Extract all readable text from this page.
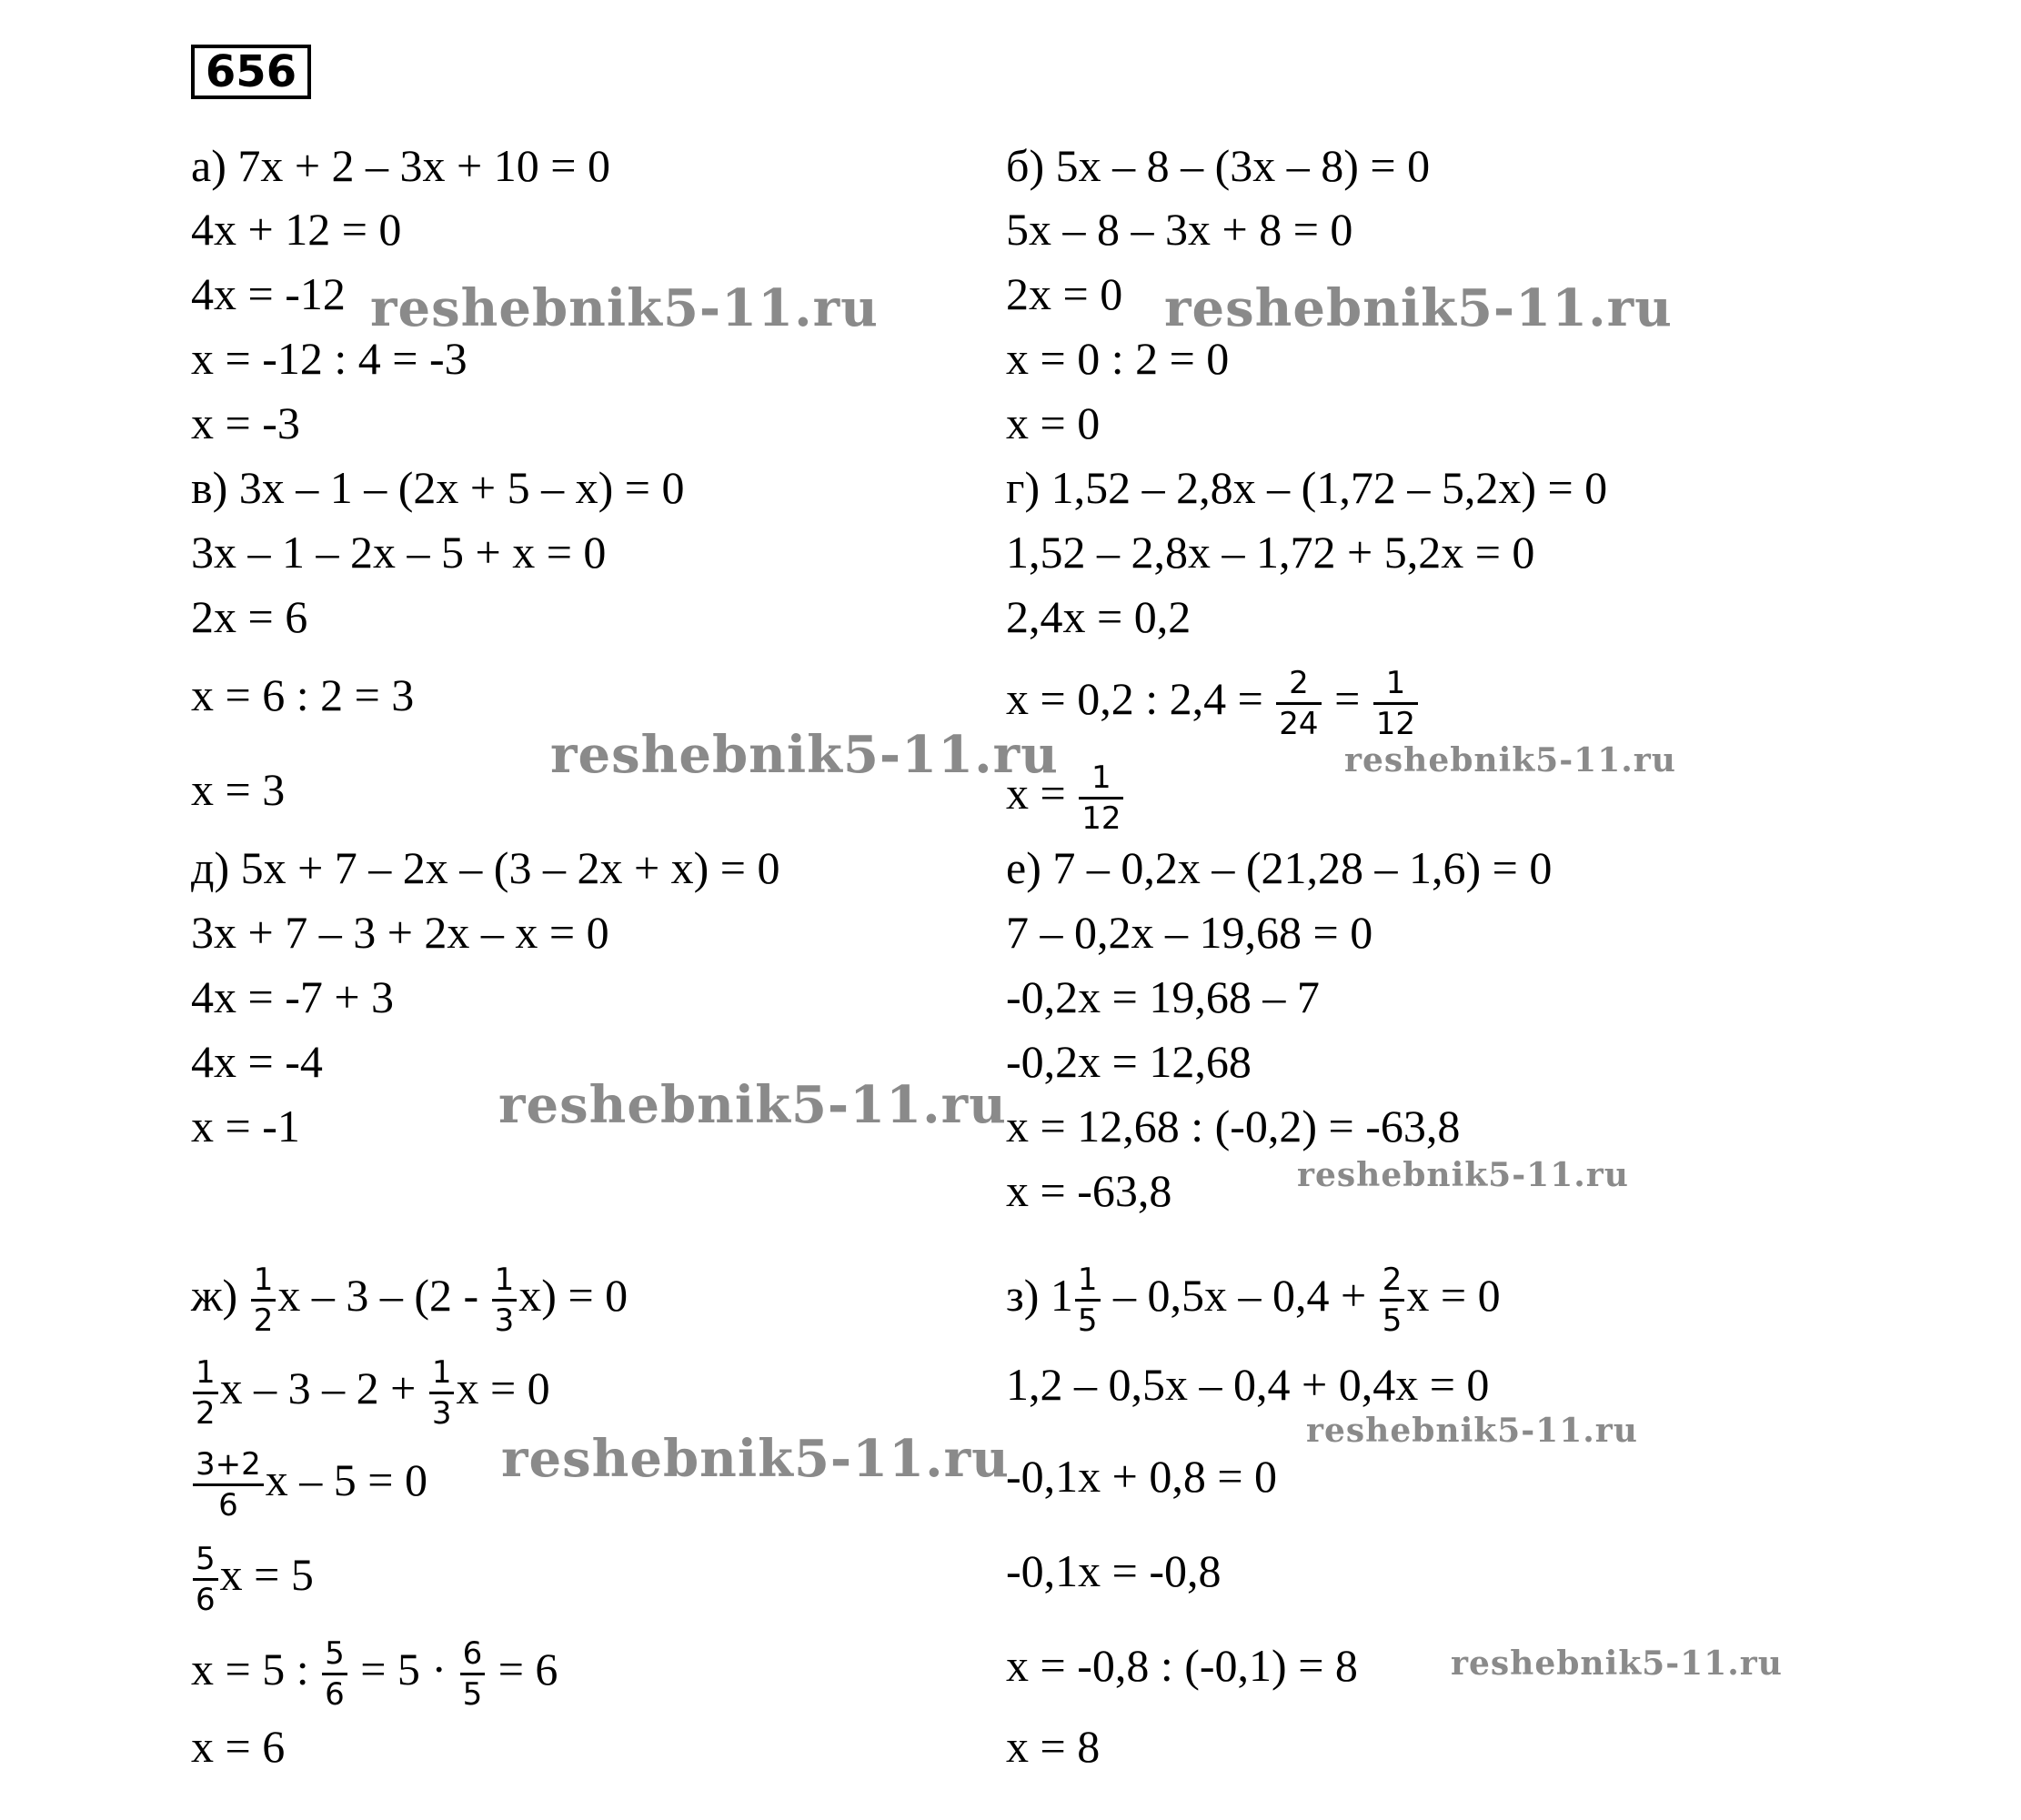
656
а) 7x + 2 – 3x + 10 = 0
4x + 12 = 0
4x = -12
x = -12 : 4 = -3
x = -3
в) 3x – 1 – (2x + 5 – x) = 0
3x – 1 – 2x – 5 + x = 0
2x = 6
x = 6 : 2 = 3
x = 3
д) 5x + 7 – 2x – (3 – 2x + x) = 0
3x + 7 – 3 + 2x – x = 0
4x = -7 + 3
4x = -4
x = -1
$ж) \frac{1}{2}$ $x - 3 - (2 - \frac{1}{3} x) = 0$
$\frac{1}{2}$ $x - 3 - 2 + \frac{1}{3}$ x = 0
$\frac{3+2}{6}$ x – 5 = 0
$\frac{5}{6}$ x = 5
x = 5 : $\frac{5}{6} = 5 \cdot \frac{6}{5} = 6$
x = 6
б) 5x – 8 – (3x – 8) = 0
5x – 8 – 3x + 8 = 0
2x = 0
x = 0 : 2 = 0
x = 0
г) 1,52 – 2,8x – (1,72 – 5,2x) = 0
1,52 – 2,8x – 1,72 + 5,2x = 0
2,4x = 0,2
x = 0,2 : $2,4 = \frac{2}{24} = \frac{1}{12}$
$x = \frac{1}{12}$
е) 7 – 0,2x – (21,28 – 1,6) = 0
7 – 0,2x – 19,68 = 0
-0,2x = 19,68 – 7
-0,2x = 12,68
x = 12,68 : (-0,2) = -63,8
x = -63,8
з) $1 \frac{1}{5} - 0,5x - 0,4 + \frac{2}{5}$ x = 0
1,2 – 0,5x – 0,4 + 0,4x = 0
-0,1x + 0,8 = 0
-0,1x = -0,8
x = -0,8 : (-0,1) = 8
x = 8
reshebnik5-11.ru	reshebnik5-11.ru
reshebnik5-11.ru	reshebnik5-11.ru
reshebnik5-11.ru
reshebnik5-11.ru
reshebnik5-11.ru	reshebnik5-11.ru
reshebnik5-11.ru
